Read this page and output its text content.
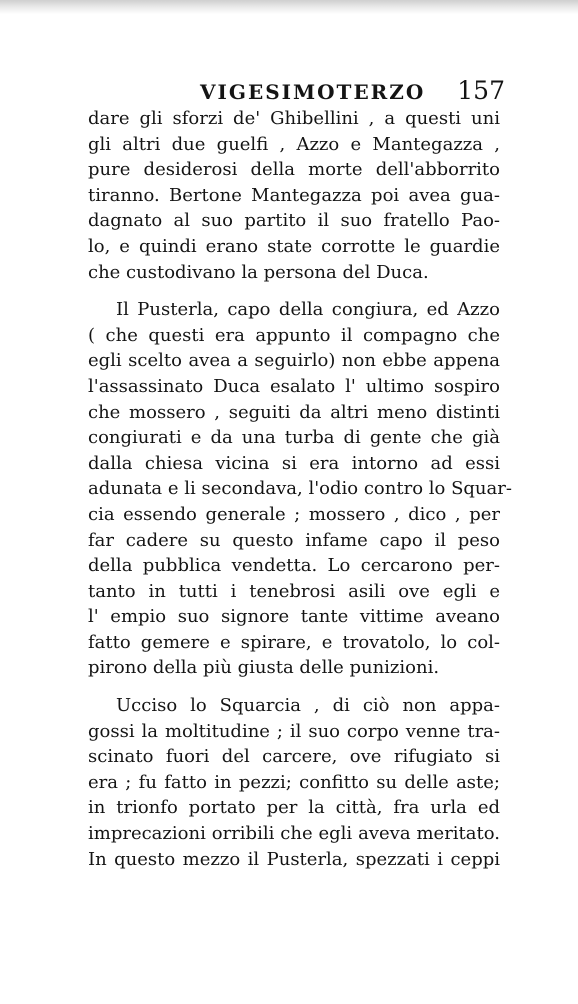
VIGESIMOTERZO 157
dare gli sforzi de' Ghibellini , a questi uni
gli altri due guelfi , Azzo e Mantegazza ,
pure desiderosi della morte dell'abborrito
tiranno. Bertone Mantegazza poi avea gua-
dagnato al suo partito il suo fratello Pao-
lo, e quindi erano state corrotte le guardie
che custodivano la persona del Duca.
Il Pusterla, capo della congiura, ed Azzo
( che questi era appunto il compagno che
egli scelto avea a seguirlo) non ebbe appena
l'assassinato Duca esalato l' ultimo sospiro
che mossero , seguiti da altri meno distinti
congiurati e da una turba di gente che già
dalla chiesa vicina si era intorno ad essi
adunata e li secondava, l'odio contro lo Squar-
cia essendo generale ; mossero , dico , per
far cadere su questo infame capo il peso
della pubblica vendetta. Lo cercarono per-
tanto in tutti i tenebrosi asili ove egli e
l' empio suo signore tante vittime aveano
fatto gemere e spirare, e trovatolo, lo col-
pirono della più giusta delle punizioni.
Ucciso lo Squarcia , di ciò non appa-
gossi la moltitudine ; il suo corpo venne tra-
scinato fuori del carcere, ove rifugiato si
era ; fu fatto in pezzi; confitto su delle aste;
in trionfo portato per la città, fra urla ed
imprecazioni orribili che egli aveva meritato.
In questo mezzo il Pusterla, spezzati i ceppi
